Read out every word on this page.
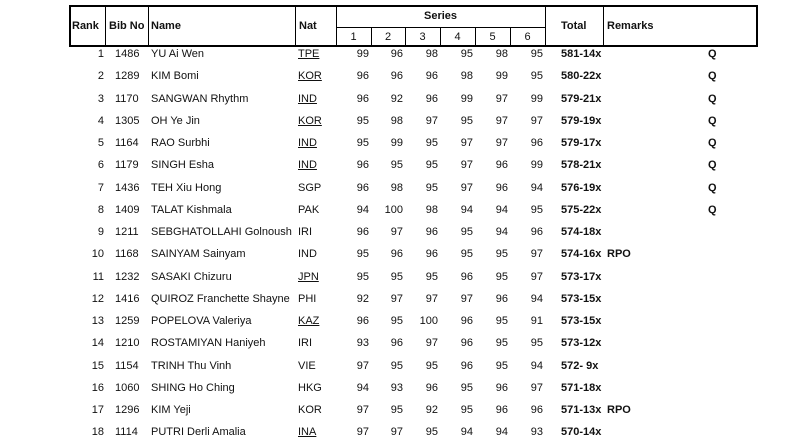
Rank Bib No Name	Nat
Series
1	2	3	4	5	6
Total Remarks
1 1486	YU Ai Wen	TPE	99	96	98	95	98	95 581-14x	Q
2 1289	KIM Bomi	KOR	96	96	96	98	99	95 580-22x	Q
3 1170	SANGWAN Rhythm	IND	96	92	96	99	97	99 579-21x	Q
4 1305	OH Ye Jin	KOR	95	98	97	95	97	97 579-19x	Q
5 1164	RAO Surbhi	IND	95	99	95	97	97	96 579-17x	Q
6 1179	SINGH Esha	IND	96	95	95	97	96	99 578-21x	Q
7 1436	TEH Xiu Hong	SGP	96	98	95	97	96	94 576-19x	Q
8 1409	TALAT Kishmala	PAK	94	100	98	94	94	95 575-22x	Q
9 1211	SEBGHATOLLAHI Golnoush IRI	96	97	96	95	94	96 574-18x
10 1168	SAINYAM Sainyam	IND	95	96	96	95	95	97 574-16x RPO
11 1232	SASAKI Chizuru	JPN	95	95	95	96	95	97 573-17x
12 1416	QUIROZ Franchette Shayne PHI	92	97	97	97	96	94 573-15x
13 1259	POPELOVA Valeriya	KAZ	96	95	100	96	95	91 573-15x
14 1210	ROSTAMIYAN Haniyeh	IRI	93	96	97	96	95	95 573-12x
15 1154	TRINH Thu Vinh	VIE	97	95	95	96	95	94 572- 9x
16 1060	SHING Ho Ching	HKG	94	93	96	95	96	97 571-18x
17 1296	KIM Yeji	KOR	97	95	92	95	96	96 571-13x RPO
18 1114	PUTRI Derli Amalia	INA	97	97	95	94	94	93 570-14x
